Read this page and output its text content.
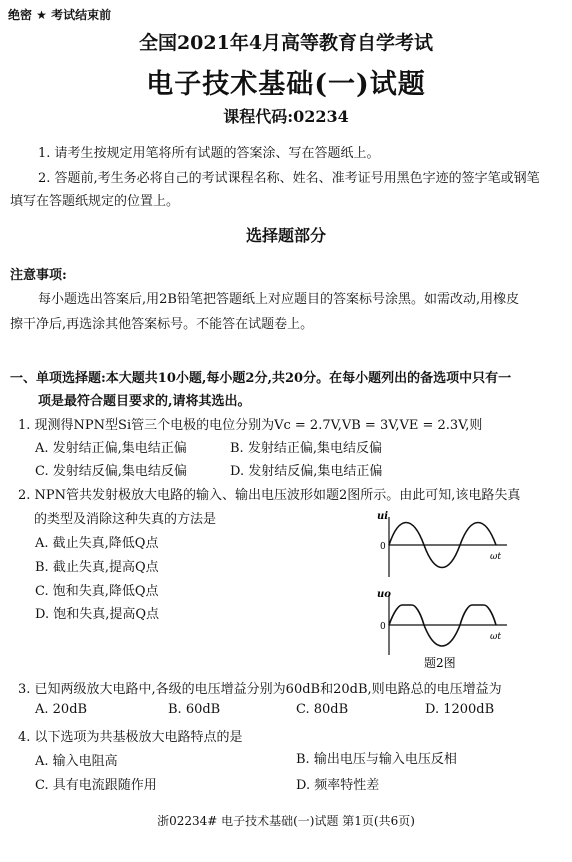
绝密 ★ 考试结束前
全国2021年4月高等教育自学考试
电子技术基础(一)试题
课程代码:02234
1. 请考生按规定用笔将所有试题的答案涂、写在答题纸上。
2. 答题前,考生务必将自己的考试课程名称、姓名、准考证号用黑色字迹的签字笔或钢笔
填写在答题纸规定的位置上。
选择题部分
注意事项:
每小题选出答案后,用2B铅笔把答题纸上对应题目的答案标号涂黑。如需改动,用橡皮
擦干净后,再选涂其他答案标号。不能答在试题卷上。
一、单项选择题:本大题共10小题,每小题2分,共20分。在每小题列出的备选项中只有一
项是最符合题目要求的,请将其选出。
1. 现测得NPN型Si管三个电极的电位分别为Vc = 2.7V,VB = 3V,VE = 2.3V,则
A. 发射结正偏,集电结正偏	B. 发射结正偏,集电结反偏
C. 发射结反偏,集电结反偏	D. 发射结反偏,集电结正偏
2. NPN管共发射极放大电路的输入、输出电压波形如题2图所示。由此可知,该电路失真
的类型及消除这种失真的方法是
A. 截止失真,降低Q点
B. 截止失真,提高Q点
C. 饱和失真,降低Q点
D. 饱和失真,提高Q点
ui
0
ωt
uo
0
ωt
题2图
3. 已知两级放大电路中,各级的电压增益分别为60dB和20dB,则电路总的电压增益为
A. 20dB	B. 60dB	C. 80dB	D. 1200dB
4. 以下选项为共基极放大电路特点的是
A. 输入电阻高	B. 输出电压与输入电压反相
C. 具有电流跟随作用	D. 频率特性差
浙02234# 电子技术基础(一)试题 第1页(共6页)
